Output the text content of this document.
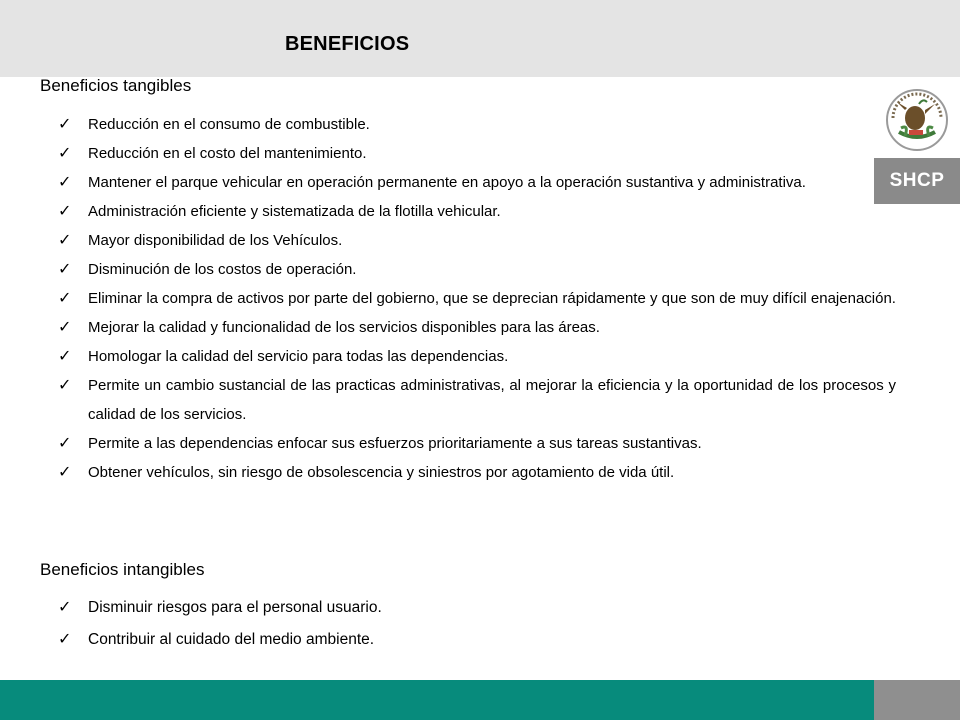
BENEFICIOS
SHCP
Beneficios tangibles
✓ Reducción en el consumo de combustible.
✓ Reducción en el costo del mantenimiento.
✓ Mantener el parque vehicular en operación permanente en apoyo a la operación sustantiva y administrativa.
✓ Administración eficiente y sistematizada de la flotilla vehicular.
✓ Mayor disponibilidad de los Vehículos.
✓ Disminución de los costos de operación.
✓ Eliminar la compra de activos por parte del gobierno, que se deprecian rápidamente y que son de muy difícil enajenación.
✓ Mejorar la calidad y funcionalidad de los servicios disponibles para las áreas.
✓ Homologar la calidad del servicio para todas las dependencias.
✓ Permite un cambio sustancial de las practicas administrativas, al mejorar la eficiencia y la oportunidad de los procesos y calidad de los servicios.
✓ Permite a las dependencias enfocar sus esfuerzos prioritariamente a sus tareas sustantivas.
✓ Obtener vehículos, sin riesgo de obsolescencia y siniestros por agotamiento de vida útil.
Beneficios intangibles
✓ Disminuir riesgos para el personal usuario.
✓ Contribuir al cuidado del medio ambiente.
